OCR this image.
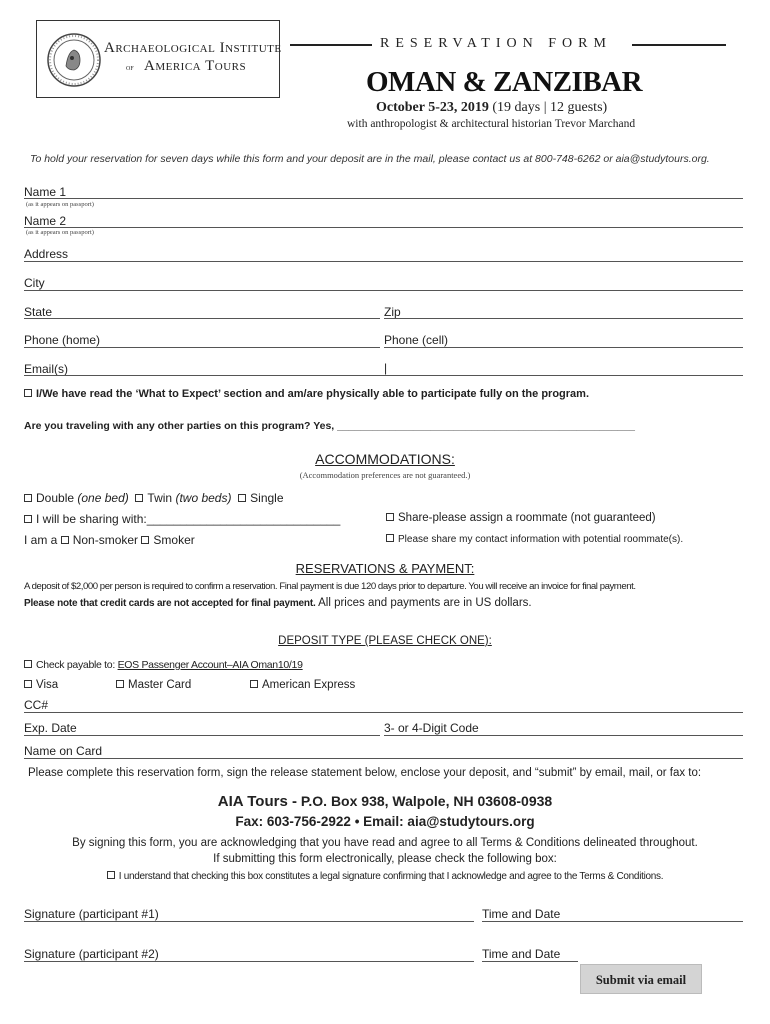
Archaeological Institute
of America Tours
RESERVATION FORM
OMAN & ZANZIBAR
October 5-23, 2019 (19 days | 12 guests)
with anthropologist & architectural historian Trevor Marchand
To hold your reservation for seven days while this form and your deposit are in the mail, please contact us at 800-748-6262 or aia@studytours.org.
Name 1
(as it appears on passport)
Name 2
(as it appears on passport)
Address
City
State	Zip
Phone (home)	Phone (cell)
Email(s)	|
I/We have read the ‘What to Expect’ section and am/are physically able to participate fully on the program.
Are you traveling with any other parties on this program? Yes, ___________________________________________________
ACCOMMODATIONS:
(Accommodation preferences are not guaranteed.)
Double (one bed) Twin (two beds) Single
I will be sharing with:_____________________________	Share-please assign a roommate (not guaranteed)
I am a Non-smoker Smoker	Please share my contact information with potential roommate(s).
RESERVATIONS & PAYMENT:
A deposit of $2,000 per person is required to confirm a reservation. Final payment is due 120 days prior to departure. You will receive an invoice for final payment.
Please note that credit cards are not accepted for final payment. All prices and payments are in US dollars.
DEPOSIT TYPE (PLEASE CHECK ONE):
Check payable to: EOS Passenger Account–AIA Oman10/19
Visa	Master Card	American Express
CC#
Exp. Date	3- or 4-Digit Code
Name on Card
Please complete this reservation form, sign the release statement below, enclose your deposit, and “submit” by email, mail, or fax to:
AIA Tours - P.O. Box 938, Walpole, NH 03608-0938
Fax: 603-756-2922 • Email: aia@studytours.org
By signing this form, you are acknowledging that you have read and agree to all Terms & Conditions delineated throughout.
If submitting this form electronically, please check the following box:
I understand that checking this box constitutes a legal signature confirming that I acknowledge and agree to the Terms & Conditions.
Signature (participant #1)	Time and Date
Signature (participant #2)	Time and Date
Submit via email
